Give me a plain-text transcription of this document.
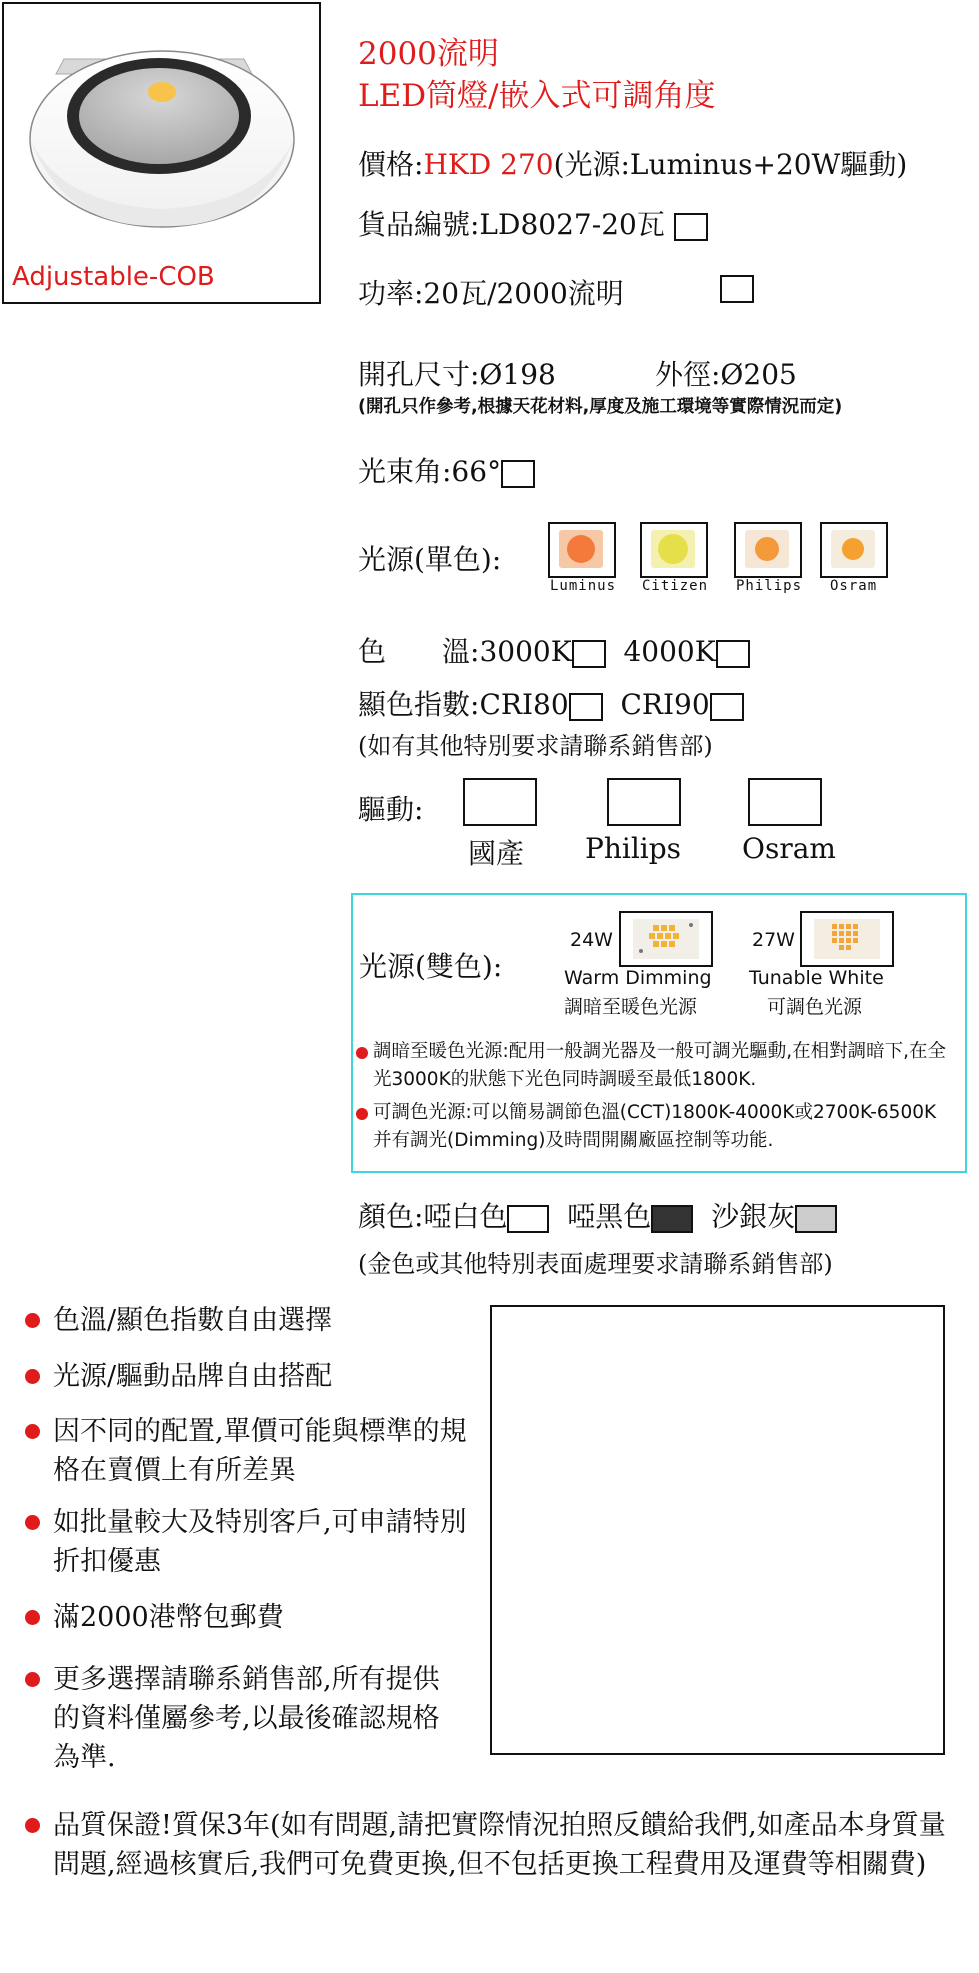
Adjustable-COB
2000流明
LED筒燈/嵌入式可調角度
價格:HKD 270(光源:Luminus+20W驅動)
貨品編號:LD8027-20瓦
功率:20瓦/2000流明
開孔尺寸:Ø198	外徑:Ø205
(開孔只作參考,根據天花材料,厚度及施工環境等實際情況而定)
光束角:66°
光源(單色):
Luminus Citizen Philips Osram
色　　溫:3000K 4000K
顯色指數:CRI80 CRI90
(如有其他特別要求請聯系銷售部)
驅動:
國產 Philips Osram
光源(雙色):
24W
Warm Dimming
調暗至暖色光源
27W
Tunable White
可調色光源
調暗至暖色光源:配用一般調光器及一般可調光驅動,在相對調暗下,在全光3000K的狀態下光色同時調暖至最低1800K.
可調色光源:可以簡易調節色溫(CCT)1800K-4000K或2700K-6500K 并有調光(Dimming)及時間開關廠區控制等功能.
顏色:啞白色 啞黑色 沙銀灰
(金色或其他特別表面處理要求請聯系銷售部)
色溫/顯色指數自由選擇
光源/驅動品牌自由搭配
因不同的配置,單價可能與標準的規格在賣價上有所差異
如批量較大及特別客戶,可申請特別折扣優惠
滿2000港幣包郵費
更多選擇請聯系銷售部,所有提供的資料僅屬參考,以最後確認規格為準.
品質保證!質保3年(如有問題,請把實際情況拍照反饋給我們,如產品本身質量問題,經過核實后,我們可免費更換,但不包括更換工程費用及運費等相關費)
